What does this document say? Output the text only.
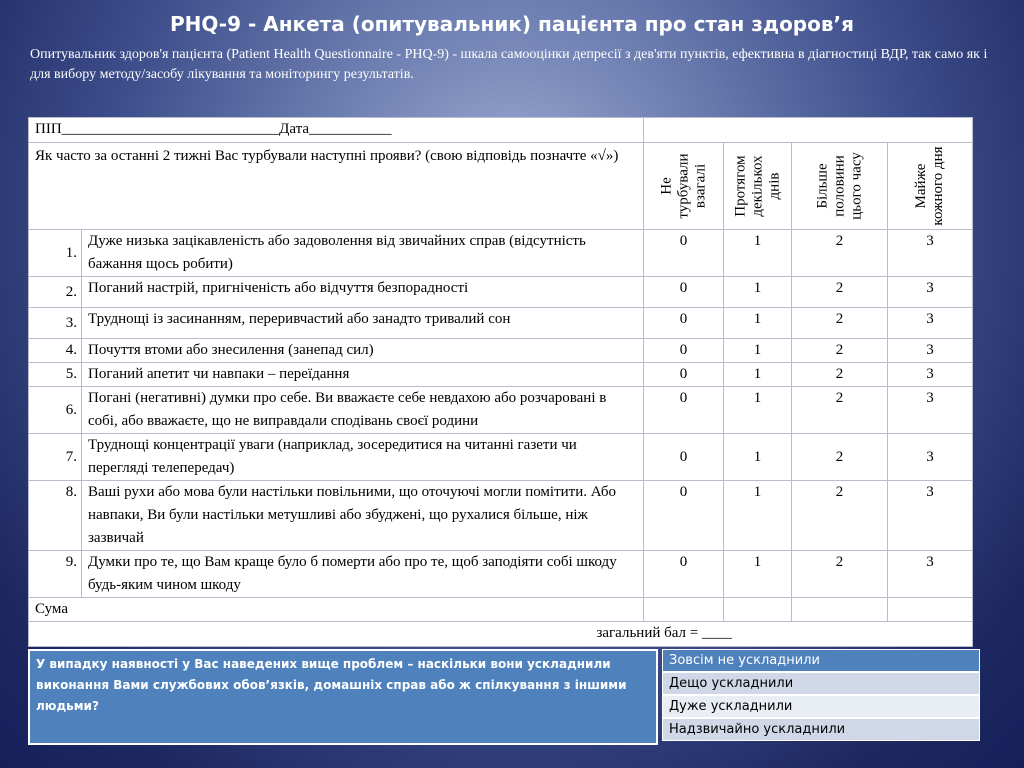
PHQ-9 - Анкета (опитувальник) пацієнта про стан здоров’я
Опитувальник здоров'я пацієнта (Patient Health Questionnaire - PHQ-9) - шкала самооцінки депресії з дев'яти пунктів, ефективна в діагностиці ВДР, так само як і для вибору методу/засобу лікування та моніторингу результатів.
ПІП_____________________________Дата___________					
Як часто за останні 2 тижні Вас турбували наступні прояви? (свою відповідь позначте «√»)		Не турбували взагалі	Протягом декількох днів	Більше половини цього часу	Майже кожного дня

1.	Дуже низька зацікавленість або задоволення від звичайних справ (відсутність бажання щось робити)	0	1	2	3
2.	Поганий настрій, пригніченість або відчуття безпорадності	0	1	2	3
3.	Труднощі із засинанням, переривчастий або занадто тривалий сон	0	1	2	3
4.	Почуття втоми або знесилення (занепад сил)	0	1	2	3
5.	Поганий апетит чи навпаки – переїдання	0	1	2	3
6.	Погані (негативні) думки про себе. Ви вважаєте себе невдахою або розчаровані в собі, або вважаєте, що не виправдали сподівань своєї родини	0	1	2	3
7.	Труднощі концентрації уваги (наприклад, зосередитися на читанні газети чи перегляді телепередач)	0	1	2	3
8.	Ваші рухи або мова були настільки повільними, що оточуючі могли помітити. Або навпаки, Ви були настільки метушливі або збуджені, що рухалися більше, ніж зазвичай	0	1	2	3
9.	Думки про те, що Вам краще було б померти або про те, щоб заподіяти собі шкоду будь-яким чином шкоду	0	1	2	3
Сума					
загальний бал = ____					
У випадку наявності у Вас наведених вище проблем – наскільки вони ускладнили виконання Вами службових обов’язків, домашніх справ або ж спілкування з іншими людьми?
Зовсім не ускладнили
Дещо ускладнили
Дуже ускладнили
Надзвичайно ускладнили
